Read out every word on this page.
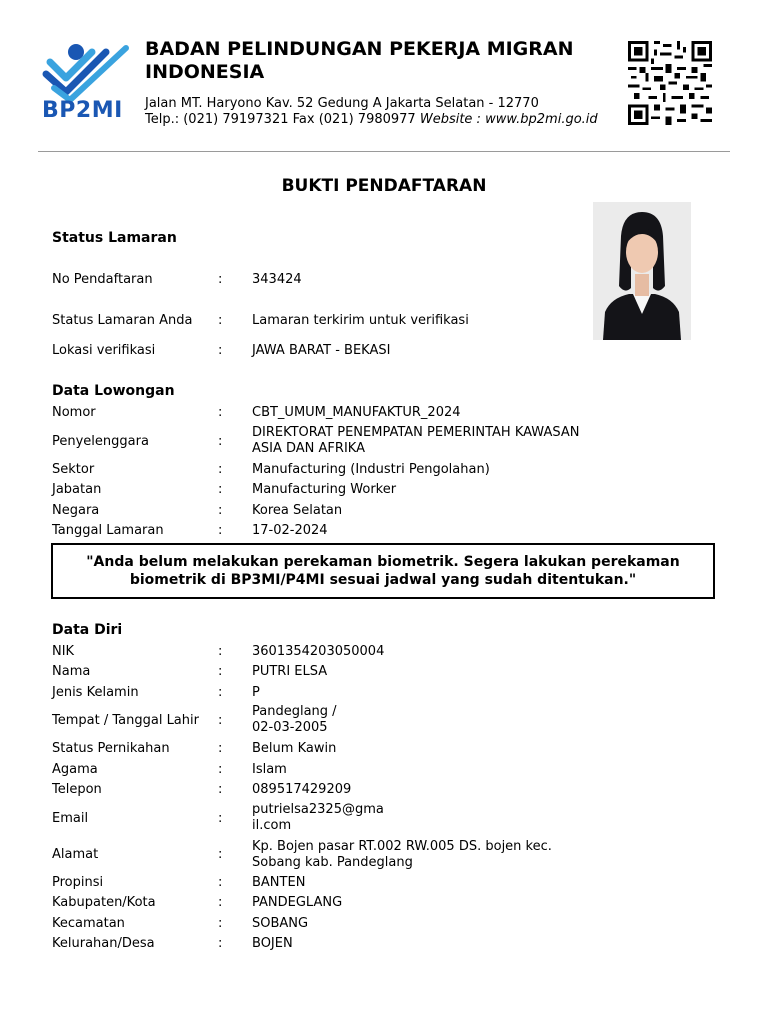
BP2MI
BADAN PELINDUNGAN PEKERJA MIGRAN INDONESIA
Jalan MT. Haryono Kav. 52 Gedung A Jakarta Selatan - 12770
Telp.: (021) 79197321 Fax (021) 7980977 Website : www.bp2mi.go.id
BUKTI PENDAFTARAN
Status Lamaran
No Pendaftaran	: 343424
Status Lamaran Anda : Lamaran terkirim untuk verifikasi
Lokasi verifikasi	: JAWA BARAT - BEKASI
Data Lowongan
Nomor	: CBT_UMUM_MANUFAKTUR_2024
Penyelenggara	:
DIREKTORAT PENEMPATAN PEMERINTAH KAWASAN
ASIA DAN AFRIKA
Sektor	: Manufacturing (Industri Pengolahan)
Jabatan	: Manufacturing Worker
Negara	: Korea Selatan
Tanggal Lamaran	: 17-02-2024
"Anda belum melakukan perekaman biometrik. Segera lakukan perekaman biometrik di BP3MI/P4MI sesuai jadwal yang sudah ditentukan."
Data Diri
NIK	: 3601354203050004
Nama	: PUTRI ELSA
Jenis Kelamin	: P
Tempat / Tanggal Lahir :
Pandeglang /
02-03-2005
Status Pernikahan	: Belum Kawin
Agama	: Islam
Telepon	: 089517429209
Email	:
putrielsa2325@gma
il.com
Alamat	:
Kp. Bojen pasar RT.002 RW.005 DS. bojen kec.
Sobang kab. Pandeglang
Propinsi	: BANTEN
Kabupaten/Kota	: PANDEGLANG
Kecamatan	: SOBANG
Kelurahan/Desa	: BOJEN
